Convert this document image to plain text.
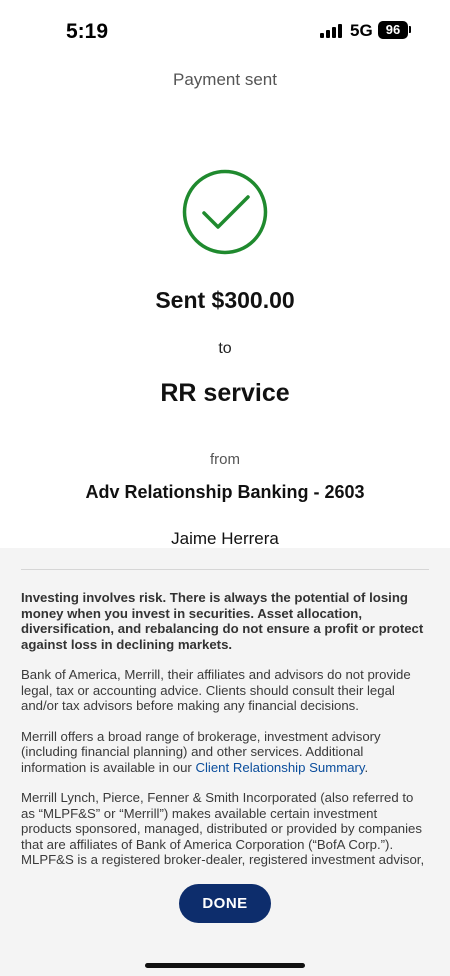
5:19	5G	96
Payment sent
Sent $300.00
to
RR service
from
Adv Relationship Banking - 2603
Jaime Herrera

Investing involves risk. There is always the potential of losing money when you invest in securities. Asset allocation, diversification, and rebalancing do not ensure a profit or protect against loss in declining markets.

Bank of America, Merrill, their affiliates and advisors do not provide legal, tax or accounting advice. Clients should consult their legal and/or tax advisors before making any financial decisions.

Merrill offers a broad range of brokerage, investment advisory (including financial planning) and other services. Additional information is available in our Client Relationship Summary.

Merrill Lynch, Pierce, Fenner & Smith Incorporated (also referred to as “MLPF&S” or “Merrill”) makes available certain investment products sponsored, managed, distributed or provided by companies that are affiliates of Bank of America Corporation (“BofA Corp.”). MLPF&S is a registered broker-dealer, registered investment advisor,

DONE
